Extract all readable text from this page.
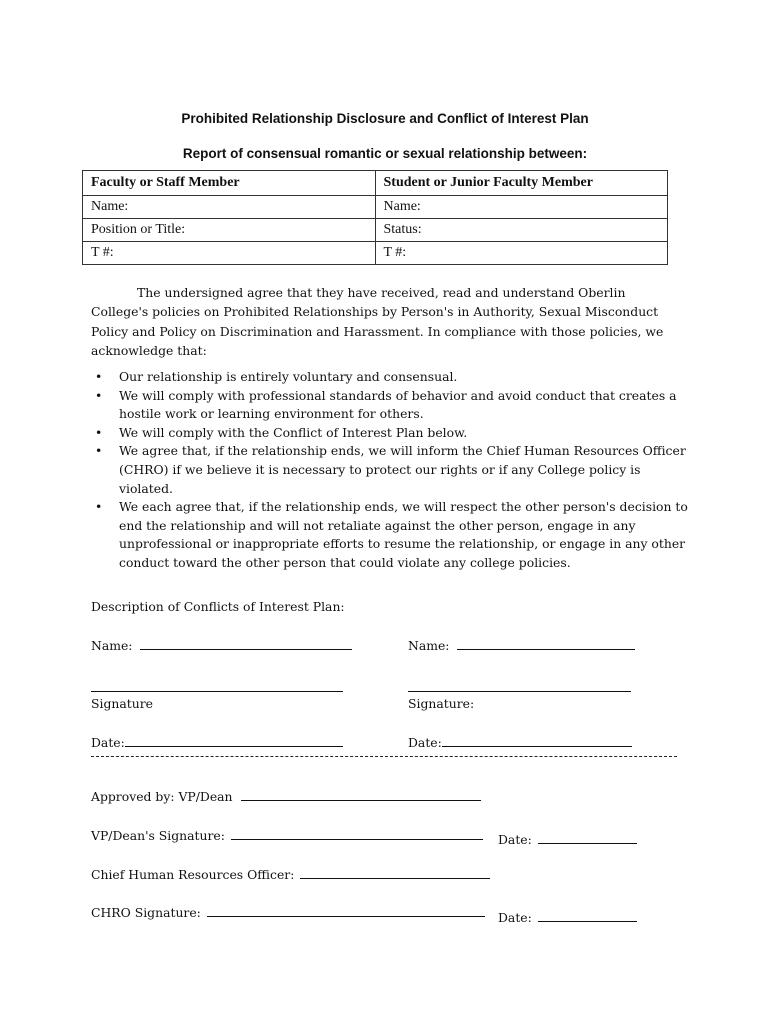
Prohibited Relationship Disclosure and Conflict of Interest Plan
Report of consensual romantic or sexual relationship between:
Faculty or Staff Member	Student or Junior Faculty Member
Name:	Name:
Position or Title:	Status:
T #:	T #:
The undersigned agree that they have received, read and understand Oberlin College's policies on Prohibited Relationships by Person's in Authority, Sexual Misconduct Policy and Policy on Discrimination and Harassment. In compliance with those policies, we acknowledge that:
• Our relationship is entirely voluntary and consensual.
• We will comply with professional standards of behavior and avoid conduct that creates a hostile work or learning environment for others.
• We will comply with the Conflict of Interest Plan below.
• We agree that, if the relationship ends, we will inform the Chief Human Resources Officer (CHRO) if we believe it is necessary to protect our rights or if any College policy is violated.
• We each agree that, if the relationship ends, we will respect the other person's decision to end the relationship and will not retaliate against the other person, engage in any unprofessional or inappropriate efforts to resume the relationship, or engage in any other conduct toward the other person that could violate any college policies.
Description of Conflicts of Interest Plan:
Name:	Name:
Signature	Signature:
Date:	Date:
Approved by: VP/Dean
VP/Dean's Signature:	Date:
Chief Human Resources Officer:
CHRO Signature:	Date:
